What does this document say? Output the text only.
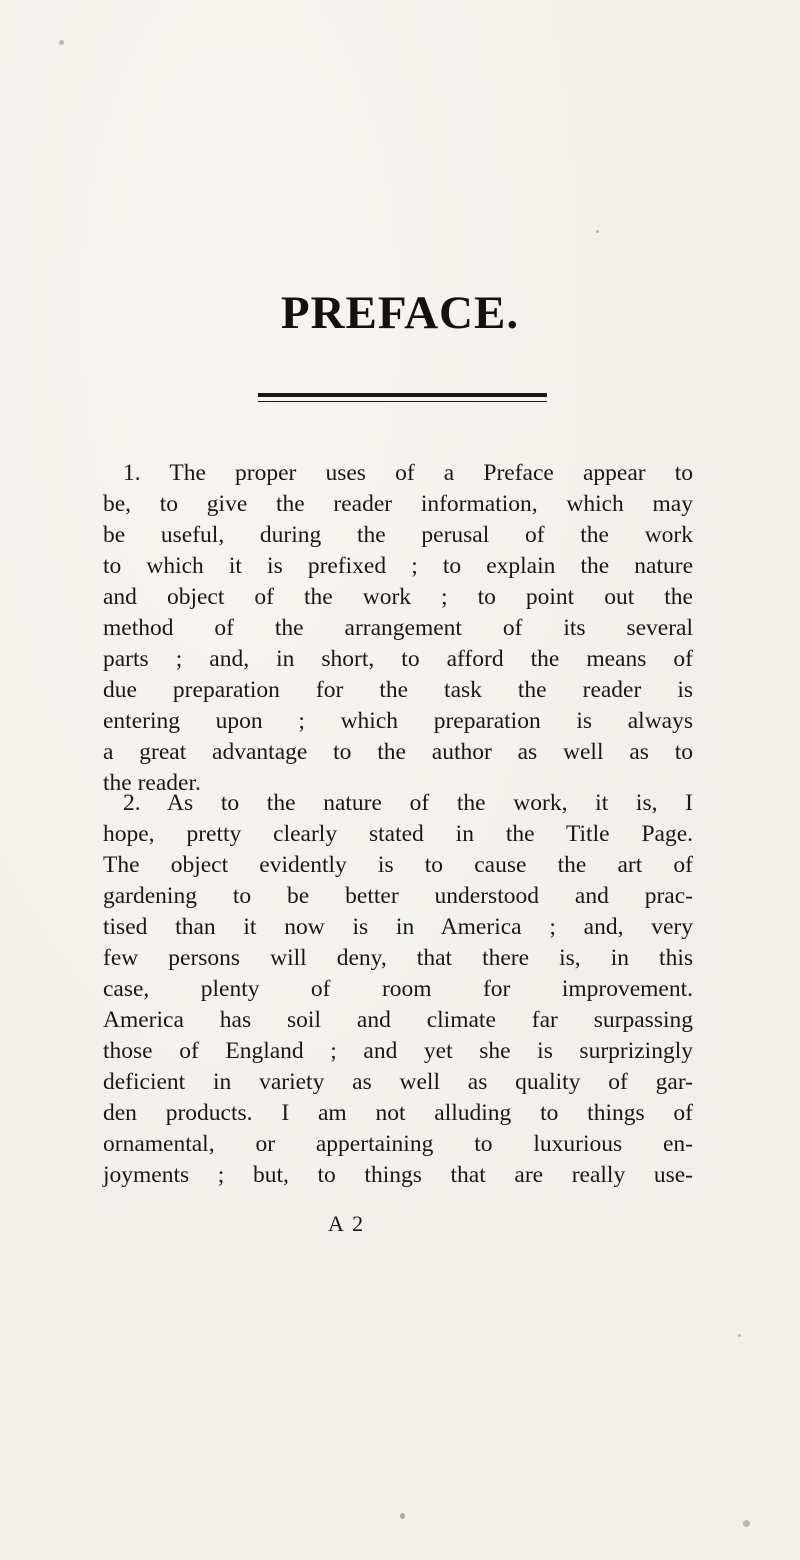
PREFACE.
1. The proper uses of a Preface appear to
be, to give the reader information, which may
be useful, during the perusal of the work
to which it is prefixed ; to explain the nature
and object of the work ; to point out the
method of the arrangement of its several
parts ; and, in short, to afford the means of
due preparation for the task the reader is
entering upon ; which preparation is always
a great advantage to the author as well as to
the reader.
2. As to the nature of the work, it is, I
hope, pretty clearly stated in the Title Page.
The object evidently is to cause the art of
gardening to be better understood and prac-
tised than it now is in America ; and, very
few persons will deny, that there is, in this
case, plenty of room for improvement.
America has soil and climate far surpassing
those of England ; and yet she is surprizingly
deficient in variety as well as quality of gar-
den products. I am not alluding to things of
ornamental, or appertaining to luxurious en-
joyments ; but, to things that are really use-

A 2
